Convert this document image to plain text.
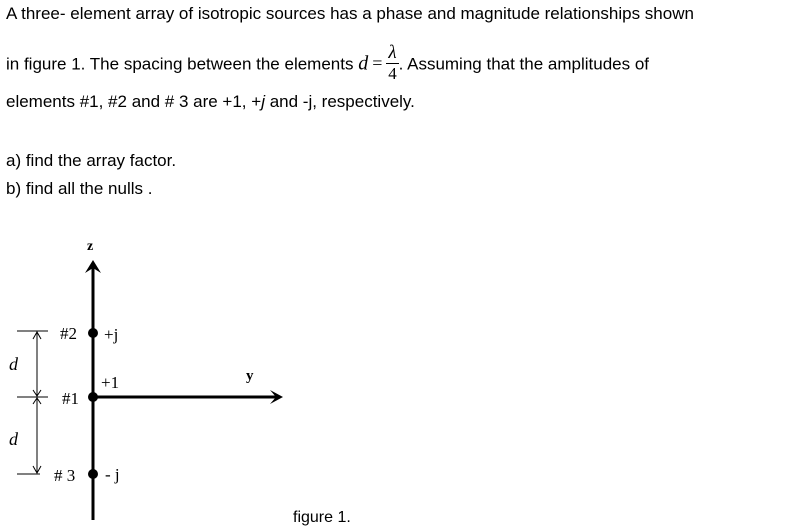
A three- element array of isotropic sources has a phase and magnitude relationships shown
in figure 1. The spacing between the elements $d = \frac{\lambda}{4}$ . Assuming that the amplitudes of
elements #1, #2 and # 3 are +1, +j and -j, respectively.
a) find the array factor.
b) find all the nulls .
z
y
#2 +j
#1
+1
# 3 - j
d
d
figure 1.
